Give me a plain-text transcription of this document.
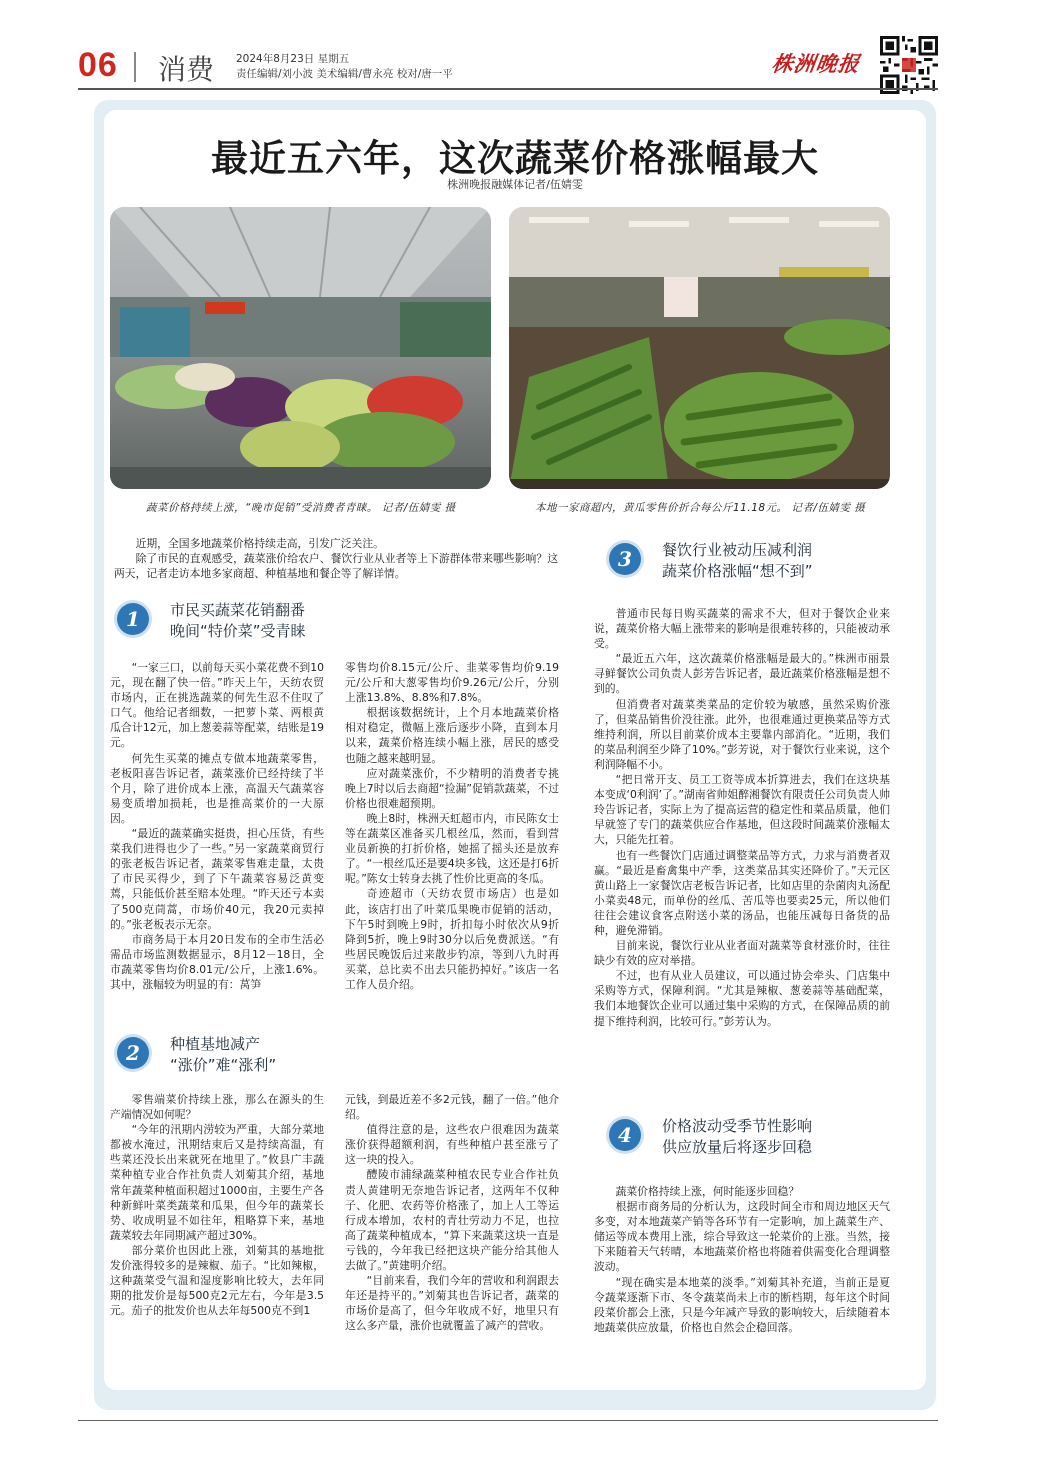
06 消费 2024年8月23日 星期五
责任编辑/刘小波 美术编辑/曹永亮 校对/唐一平	株洲晚报
最近五六年，这次蔬菜价格涨幅最大
株洲晚报融媒体记者/伍婧雯
蔬菜价格持续上涨，“晚市促销”受消费者青睐。 记者/伍婧雯 摄	本地一家商超内，黄瓜零售价折合每公斤11.18元。 记者/伍婧雯 摄

近期，全国多地蔬菜价格持续走高，引发广泛关注。

除了市民的直观感受，蔬菜涨价给农户、餐饮行业从业者等上下游群体带来哪些影响？这两天，记者走访本地多家商超、种植基地和餐企等了解详情。

1	市民买蔬菜花销翻番
晚间“特价菜”受青睐

“一家三口，以前每天买小菜花费不到10元，现在翻了快一倍。”昨天上午，天纺农贸市场内，正在挑选蔬菜的何先生忍不住叹了口气。他给记者细数，一把萝卜菜、两根黄瓜合计12元，加上葱姜蒜等配菜，结账是19元。

何先生买菜的摊点专做本地蔬菜零售，老板阳喜告诉记者，蔬菜涨价已经持续了半个月，除了进价成本上涨，高温天气蔬菜容易变质增加损耗，也是推高菜价的一大原因。

“最近的蔬菜确实挺贵，担心压货，有些菜我们进得也少了一些。”另一家蔬菜商贸行的张老板告诉记者，蔬菜零售难走量，太贵了市民买得少，到了下午蔬菜容易泛黄变蔫，只能低价甚至赔本处理。“昨天还亏本卖了500克茼蒿，市场价40元，我20元卖掉的。”张老板表示无奈。

市商务局于本月20日发布的全市生活必需品市场监测数据显示，8月12－18日，全市蔬菜零售均价8.01元/公斤，上涨1.6%。其中，涨幅较为明显的有：莴笋

零售均价8.15元/公斤、韭菜零售均价9.19元/公斤和大葱零售均价9.26元/公斤，分别上涨13.8%、8.8%和7.8%。

根据该数据统计，上个月本地蔬菜价格相对稳定，微幅上涨后逐步小降，直到本月以来，蔬菜价格连续小幅上涨，居民的感受也随之越来越明显。

应对蔬菜涨价，不少精明的消费者专挑晚上7时以后去商超“捡漏”促销款蔬菜，不过价格也很难超预期。

晚上8时，株洲天虹超市内，市民陈女士等在蔬菜区准备买几根丝瓜，然而，看到营业员新换的打折价格，她摇了摇头还是放弃了。“一根丝瓜还是要4块多钱，这还是打6折呢。”陈女士转身去挑了性价比更高的冬瓜。

奇迹超市（天纺农贸市场店）也是如此，该店打出了叶菜瓜果晚市促销的活动，下午5时到晚上9时，折扣每小时依次从9折降到5折，晚上9时30分以后免费派送。“有些居民晚饭后过来散步钓凉，等到八九时再买菜，总比卖不出去只能扔掉好。”该店一名工作人员介绍。

2	种植基地减产
“涨价”难“涨利”

零售端菜价持续上涨，那么在源头的生产端情况如何呢？

“今年的汛期内涝较为严重，大部分菜地都被水淹过，汛期结束后又是持续高温，有些菜还没长出来就死在地里了。”攸县广丰蔬菜种植专业合作社负责人刘菊其介绍，基地常年蔬菜种植面积超过1000亩，主要生产各种新鲜叶菜类蔬菜和瓜果，但今年的蔬菜长势、收成明显不如往年，粗略算下来，基地蔬菜较去年同期减产超过30%。

部分菜价也因此上涨，刘菊其的基地批发价涨得较多的是辣椒、茄子。“比如辣椒，这种蔬菜受气温和湿度影响比较大，去年同期的批发价是每500克2元左右，今年是3.5元。茄子的批发价也从去年每500克不到1

元钱，到最近差不多2元钱，翻了一倍。”他介绍。

值得注意的是，这些农户很难因为蔬菜涨价获得超额利润，有些种植户甚至涨亏了这一块的投入。

醴陵市浦绿蔬菜种植农民专业合作社负责人黄建明无奈地告诉记者，这两年不仅种子、化肥、农药等价格涨了，加上人工等运行成本增加，农村的青壮劳动力不足，也拉高了蔬菜种植成本，“算下来蔬菜这块一直是亏钱的，今年我已经把这块产能分给其他人去做了。”黄建明介绍。

“目前来看，我们今年的营收和利润跟去年还是持平的。”刘菊其也告诉记者，蔬菜的市场价是高了，但今年收成不好，地里只有这么多产量，涨价也就覆盖了减产的营收。

3	餐饮行业被动压减利润
蔬菜价格涨幅“想不到”

普通市民每日购买蔬菜的需求不大，但对于餐饮企业来说，蔬菜价格大幅上涨带来的影响是很难转移的，只能被动承受。

“最近五六年，这次蔬菜价格涨幅是最大的。”株洲市丽景寻鲜餐饮公司负责人彭芳告诉记者，最近蔬菜价格涨幅是想不到的。

但消费者对蔬菜类菜品的定价较为敏感，虽然采购价涨了，但菜品销售价没往涨。此外，也很难通过更换菜品等方式维持利润，所以目前菜价成本主要靠内部消化。“近期，我们的菜品利润至少降了10%。”彭芳说，对于餐饮行业来说，这个利润降幅不小。

“把日常开支、员工工资等成本折算进去，我们在这块基本变成‘0利润’了。”湖南省帅姐醉湘餐饮有限责任公司负责人帅玲告诉记者，实际上为了提高运营的稳定性和菜品质量，他们早就签了专门的蔬菜供应合作基地，但这段时间蔬菜价涨幅太大，只能先扛着。

也有一些餐饮门店通过调整菜品等方式，力求与消费者双赢。“最近是畜禽集中产季，这类菜品其实还降价了。”天元区黄山路上一家餐饮店老板告诉记者，比如店里的杂菌肉丸汤配小菜卖48元，而单份的丝瓜、苦瓜等也要卖25元，所以他们往往会建议食客点附送小菜的汤品，也能压减每日备货的品种，避免滞销。

目前来说，餐饮行业从业者面对蔬菜等食材涨价时，往往缺少有效的应对举措。

不过，也有从业人员建议，可以通过协会牵头、门店集中采购等方式，保障利润。“尤其是辣椒、葱姜蒜等基础配菜，我们本地餐饮企业可以通过集中采购的方式，在保障品质的前提下维持利润，比较可行。”彭芳认为。

4	价格波动受季节性影响
供应放量后将逐步回稳

蔬菜价格持续上涨，何时能逐步回稳？

根据市商务局的分析认为，这段时间全市和周边地区天气多变，对本地蔬菜产销等各环节有一定影响，加上蔬菜生产、储运等成本费用上涨，综合导致这一轮菜价的上涨。当然，接下来随着天气转晴，本地蔬菜价格也将随着供需变化合理调整波动。

“现在确实是本地菜的淡季。”刘菊其补充道，当前正是夏令蔬菜逐渐下市、冬令蔬菜尚未上市的断档期，每年这个时间段菜价都会上涨，只是今年减产导致的影响较大，后续随着本地蔬菜供应放量，价格也自然会企稳回落。
